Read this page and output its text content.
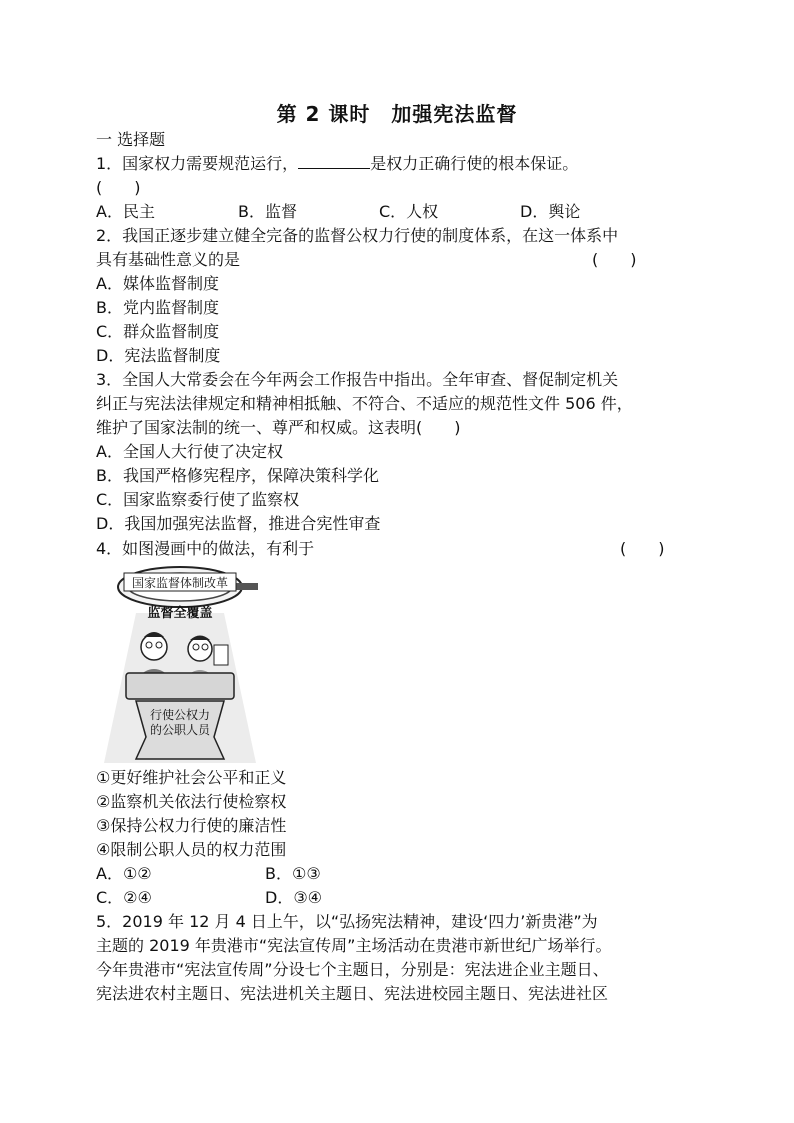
第 2 课时　加强宪法监督
一 选择题
1．国家权力需要规范运行，	是权力正确行使的根本保证。
(　　)
A．民主	B．监督	C．人权	D．舆论
2．我国正逐步建立健全完备的监督公权力行使的制度体系，在这一体系中
具有基础性意义的是	(　　)
A．媒体监督制度
B．党内监督制度
C．群众监督制度
D．宪法监督制度
3．全国人大常委会在今年两会工作报告中指出。全年审查、督促制定机关
纠正与宪法法律规定和精神相抵触、不符合、不适应的规范性文件 506 件，
维护了国家法制的统一、尊严和权威。这表明(　　)
A．全国人大行使了决定权
B．我国严格修宪程序，保障决策科学化
C．国家监察委行使了监察权
D．我国加强宪法监督，推进合宪性审查
4．如图漫画中的做法，有利于	(　　)
国家监督体制改革
监督全覆盖
行使公权力
的公职人员
①更好维护社会公平和正义
②监察机关依法行使检察权
③保持公权力行使的廉洁性
④限制公职人员的权力范围
A．①②	B．①③
C．②④	D．③④
5．2019 年 12 月 4 日上午，以“弘扬宪法精神，建设‘四力’新贵港”为
主题的 2019 年贵港市“宪法宣传周”主场活动在贵港市新世纪广场举行。
今年贵港市“宪法宣传周”分设七个主题日，分别是：宪法进企业主题日、
宪法进农村主题日、宪法进机关主题日、宪法进校园主题日、宪法进社区
